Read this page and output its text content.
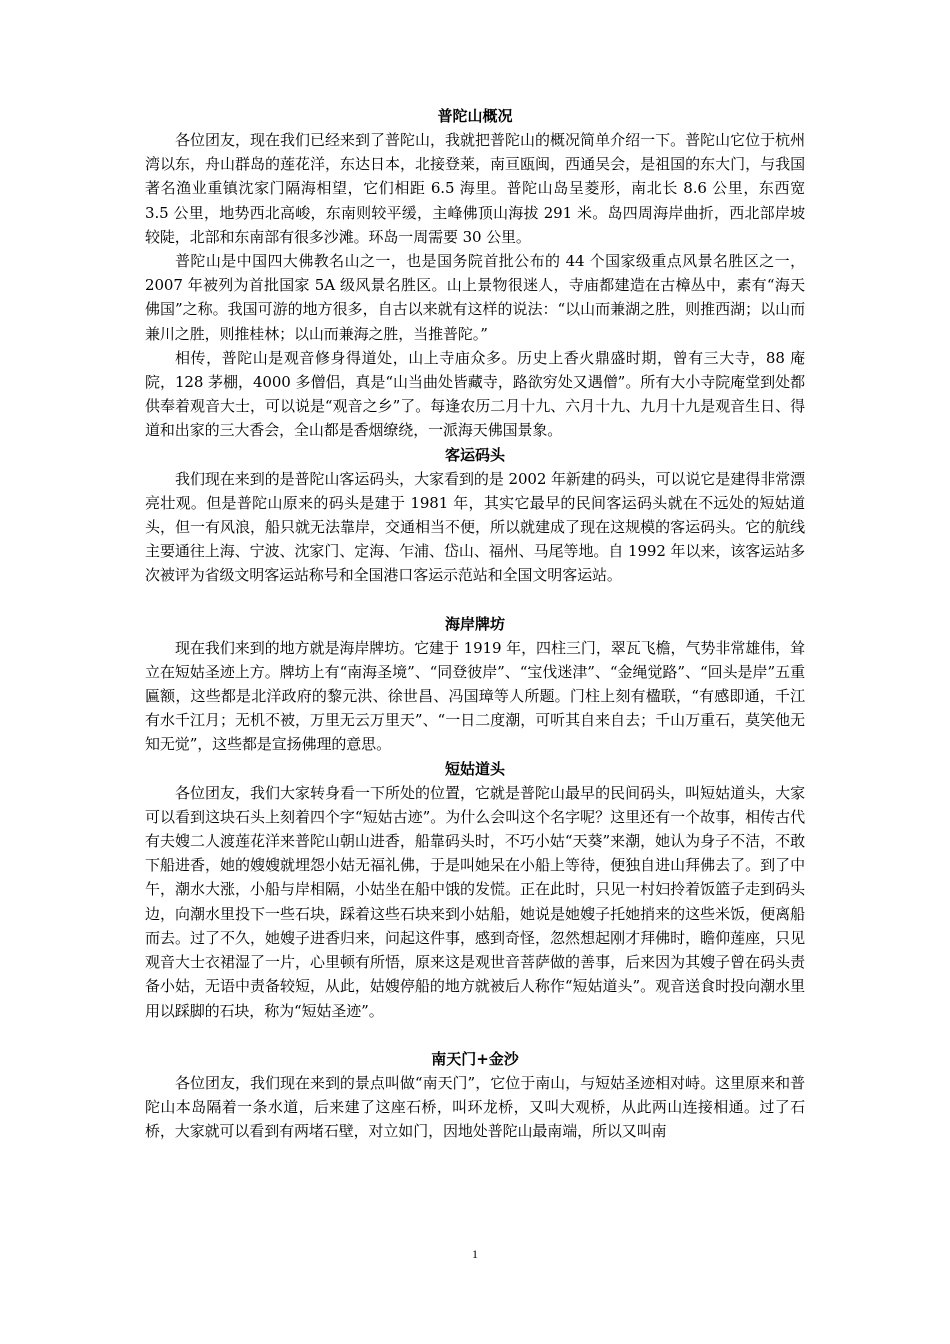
普陀山概况

各位团友，现在我们已经来到了普陀山，我就把普陀山的概况简单介绍一下。普陀山它位于杭州湾以东，舟山群岛的莲花洋，东达日本，北接登莱，南亘瓯闽，西通吴会，是祖国的东大门，与我国著名渔业重镇沈家门隔海相望，它们相距 6.5 海里。普陀山岛呈菱形，南北长 8.6 公里，东西宽 3.5 公里，地势西北高峻，东南则较平缓，主峰佛顶山海拔 291 米。岛四周海岸曲折，西北部岸坡较陡，北部和东南部有很多沙滩。环岛一周需要 30 公里。

普陀山是中国四大佛教名山之一，也是国务院首批公布的 44 个国家级重点风景名胜区之一，2007 年被列为首批国家 5A 级风景名胜区。山上景物很迷人，寺庙都建造在古樟丛中，素有“海天佛国”之称。我国可游的地方很多，自古以来就有这样的说法：“以山而兼湖之胜，则推西湖；以山而兼川之胜，则推桂林；以山而兼海之胜，当推普陀。”

相传，普陀山是观音修身得道处，山上寺庙众多。历史上香火鼎盛时期，曾有三大寺，88 庵院，128 茅棚，4000 多僧侣，真是“山当曲处皆藏寺，路欲穷处又遇僧”。所有大小寺院庵堂到处都供奉着观音大士，可以说是“观音之乡”了。每逢农历二月十九、六月十九、九月十九是观音生日、得道和出家的三大香会，全山都是香烟缭绕，一派海天佛国景象。

客运码头

我们现在来到的是普陀山客运码头，大家看到的是 2002 年新建的码头，可以说它是建得非常漂亮壮观。但是普陀山原来的码头是建于 1981 年，其实它最早的民间客运码头就在不远处的短姑道头，但一有风浪，船只就无法靠岸，交通相当不便，所以就建成了现在这规模的客运码头。它的航线主要通往上海、宁波、沈家门、定海、乍浦、岱山、福州、马尾等地。自 1992 年以来，该客运站多次被评为省级文明客运站称号和全国港口客运示范站和全国文明客运站。

海岸牌坊

现在我们来到的地方就是海岸牌坊。它建于 1919 年，四柱三门，翠瓦飞檐，气势非常雄伟，耸立在短姑圣迹上方。牌坊上有“南海圣境”、“同登彼岸”、“宝伐迷津”、“金绳觉路”、“回头是岸”五重匾额，这些都是北洋政府的黎元洪、徐世昌、冯国璋等人所题。门柱上刻有楹联，“有感即通，千江有水千江月；无机不被，万里无云万里天”、“一日二度潮，可听其自来自去；千山万重石，莫笑他无知无觉”，这些都是宣扬佛理的意思。

短姑道头

各位团友，我们大家转身看一下所处的位置，它就是普陀山最早的民间码头，叫短姑道头，大家可以看到这块石头上刻着四个字“短姑古迹”。为什么会叫这个名字呢？这里还有一个故事，相传古代有夫嫂二人渡莲花洋来普陀山朝山进香，船靠码头时，不巧小姑“天葵”来潮，她认为身子不洁，不敢下船进香，她的嫂嫂就埋怨小姑无福礼佛，于是叫她呆在小船上等待，便独自进山拜佛去了。到了中午，潮水大涨，小船与岸相隔，小姑坐在船中饿的发慌。正在此时，只见一村妇拎着饭篮子走到码头边，向潮水里投下一些石块，踩着这些石块来到小姑船，她说是她嫂子托她捎来的这些米饭，便离船而去。过了不久，她嫂子进香归来，问起这件事，感到奇怪，忽然想起刚才拜佛时，瞻仰莲座，只见观音大士衣裙湿了一片，心里顿有所悟，原来这是观世音菩萨做的善事，后来因为其嫂子曾在码头责备小姑，无语中责备较短，从此，姑嫂停船的地方就被后人称作“短姑道头”。观音送食时投向潮水里用以踩脚的石块，称为“短姑圣迹”。

南天门+金沙

各位团友，我们现在来到的景点叫做“南天门”，它位于南山，与短姑圣迹相对峙。这里原来和普陀山本岛隔着一条水道，后来建了这座石桥，叫环龙桥，又叫大观桥，从此两山连接相通。过了石桥，大家就可以看到有两堵石壁，对立如门，因地处普陀山最南端，所以又叫南

1
